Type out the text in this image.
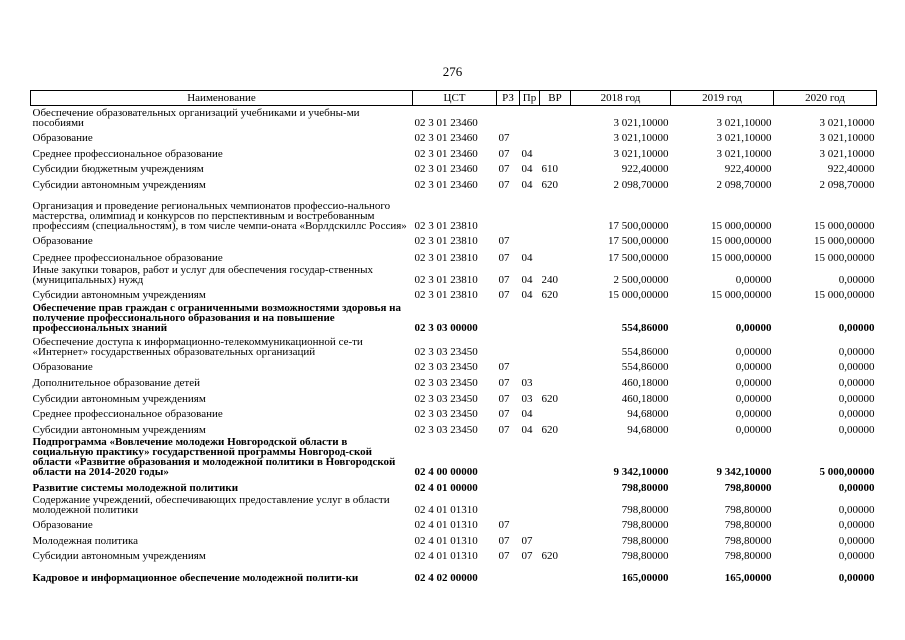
276
Наименование	ЦСТ	РЗ	Пр	ВР	2018 год	2019 год	2020 год
Обеспечение образовательных организаций учебниками и учебны-ми пособиями	02 3 01 23460				3 021,10000	3 021,10000	3 021,10000
Образование	02 3 01 23460	07			3 021,10000	3 021,10000	3 021,10000
Среднее профессиональное образование	02 3 01 23460	07	04		3 021,10000	3 021,10000	3 021,10000
Субсидии бюджетным учреждениям	02 3 01 23460	07	04	610	922,40000	922,40000	922,40000
Субсидии автономным учреждениям	02 3 01 23460	07	04	620	2 098,70000	2 098,70000	2 098,70000
Организация и проведение региональных чемпионатов профессио-нального мастерства, олимпиад и конкурсов по перспективным и востребованным профессиям (специальностям), в том числе чемпи-оната «Ворлдскиллс Россия»	02 3 01 23810				17 500,00000	15 000,00000	15 000,00000
Образование	02 3 01 23810	07			17 500,00000	15 000,00000	15 000,00000
Среднее профессиональное образование	02 3 01 23810	07	04		17 500,00000	15 000,00000	15 000,00000
Иные закупки товаров, работ и услуг для обеспечения государ-ственных (муниципальных) нужд	02 3 01 23810	07	04	240	2 500,00000	0,00000	0,00000
Субсидии автономным учреждениям	02 3 01 23810	07	04	620	15 000,00000	15 000,00000	15 000,00000
Обеспечение прав граждан с ограниченными возможностями здоровья на получение профессионального образования и на повышение профессиональных знаний	02 3 03 00000				554,86000	0,00000	0,00000
Обеспечение доступа к информационно-телекоммуникационной се-ти «Интернет» государственных образовательных организаций	02 3 03 23450				554,86000	0,00000	0,00000
Образование	02 3 03 23450	07			554,86000	0,00000	0,00000
Дополнительное образование детей	02 3 03 23450	07	03		460,18000	0,00000	0,00000
Субсидии автономным учреждениям	02 3 03 23450	07	03	620	460,18000	0,00000	0,00000
Среднее профессиональное образование	02 3 03 23450	07	04		94,68000	0,00000	0,00000
Субсидии автономным учреждениям	02 3 03 23450	07	04	620	94,68000	0,00000	0,00000
Подпрограмма «Вовлечение молодежи Новгородской области в социальную практику» государственной программы Новгород-ской области «Развитие образования и молодежной политики в Новгородской области на 2014-2020 годы»	02 4 00 00000				9 342,10000	9 342,10000	5 000,00000
Развитие системы молодежной политики	02 4 01 00000				798,80000	798,80000	0,00000
Содержание учреждений, обеспечивающих предоставление услуг в области молодежной политики	02 4 01 01310				798,80000	798,80000	0,00000
Образование	02 4 01 01310	07			798,80000	798,80000	0,00000
Молодежная политика	02 4 01 01310	07	07		798,80000	798,80000	0,00000
Субсидии автономным учреждениям	02 4 01 01310	07	07	620	798,80000	798,80000	0,00000
Кадровое и информационное обеспечение молодежной полити-ки	02 4 02 00000				165,00000	165,00000	0,00000
